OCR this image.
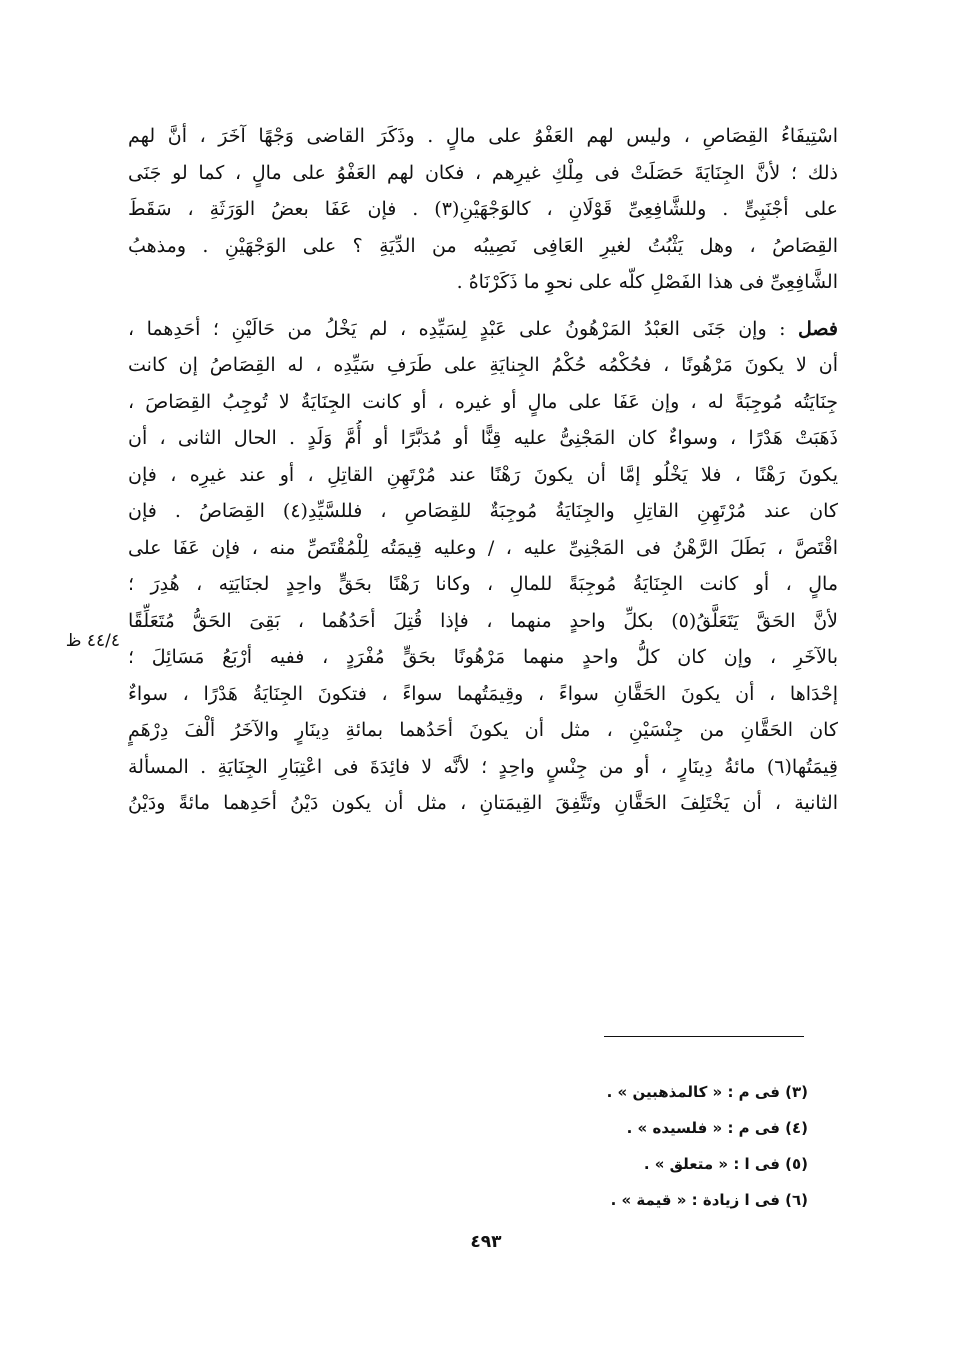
اسْتِيفَاءُ القِصَاصِ ، وليس لهم العَفْوُ على مالٍ . وذَكَرَ القاضى وَجْهًا آخَرَ ، أنَّ لهم
ذلك ؛ لأنَّ الجِنَايَةَ حَصَلَتْ فى مِلْكِ غيرِهم ، فكان لهم العَفْوُ على مالٍ ، كما لو جَنَى
على أجْنَبِىٍّ . وللشَّافِعِىِّ قَوْلَانِ ، كالوَجْهَيْنِ(٣) . فإن عَفَا بعضُ الوَرَثَةِ ، سَقَطَ
القِصَاصُ ، وهل يَثْبُتُ لغيرِ العَافِى نَصِيبُه من الدِّيَةِ ؟ على الوَجْهَيْنِ . ومذهبُ
الشَّافِعِىِّ فى هذا الفَصْلِ كلّه على نحوِ ما ذَكَرْنَاهُ .
فصل : وإن جَنَى العَبْدُ المَرْهُونُ على عَبْدٍ لِسَيِّدِه ، لم يَخْلُ من حَالَيْنِ ؛ أحَدِهما ،
أن لا يكونَ مَرْهُونًا ، فحُكْمُه حُكْمُ الجِنايَةِ على طَرَفِ سَيِّدِه ، له القِصَاصُ إن كانت
جِنَايَتُه مُوجِبَةً له ، وإن عَفَا على مالٍ أو غيره ، أو كانت الجِنَايَةُ لا تُوجِبُ القِصَاصَ ،
ذَهَبَتْ هَدْرًا ، وسواءٌ كان المَجْنِىُّ عليه قِنًّا أو مُدَبَّرًا أو أُمَّ وَلَدٍ . الحال الثانى ، أن
يكونَ رَهْنًا ، فلا يَخْلُو إمَّا أن يكونَ رَهْنًا عند مُرْتَهِنِ القاتِلِ ، أو عند غيرِه ، فإن
كان عند مُرْتَهِنِ القاتِلِ والجِنَايَةُ مُوجِبَةٌ للقِصَاصِ ، فللسَّيِّدِ(٤) القِصَاصُ . فإن
اقْتَصَّ ، بَطَلَ الرَّهْنُ فى المَجْنِىِّ عليه ، / وعليه قِيمَتُه لِلْمُقْتَصِّ منه ، فإن عَفَا على
مالٍ ، أو كانت الجِنَايَةُ مُوجِبَةً للمالِ ، وكانا رَهْنًا بحَقٍّ واحِدٍ لجنَايَتِه ، هُدِرَ ؛
لأنَّ الحَقَّ يَتَعَلَّقُ(٥) بكلِّ واحدٍ منهما ، فإذا قُتِلَ أحَدُهُما ، بَقِىَ الحَقُّ مُتَعَلِّقًا
بالآخَرِ ، وإن كان كلُّ واحدٍ منهما مَرْهُونًا بحَقٍّ مُفْرَدٍ ، ففيه أرْبَعُ مَسَائِلَ ؛
إحْدَاها ، أن يكونَ الحَقَّانِ سواءً ، وقِيمَتُهما سواءً ، فتكونَ الجِنَايَةُ هَدْرًا ، سواءٌ
كان الحَقَّانِ من جِنْسَيْنِ ، مثل أن يكونَ أحَدُهما بمائةِ دِينَارٍ والآخَرُ ألْفَ دِرْهَمٍ
قِيمَتُها(٦) مائةُ دِينَارٍ ، أو من جِنْسٍ واحِدٍ ؛ لأنَّه لا فائِدَةَ فى اعْتِبَارِ الجِنَايَةِ . المسألة
الثانية ، أن يَخْتَلِفَ الحَقَّانِ وتَتَّفِقَ القِيمَتانِ ، مثل أن يكون دَيْنُ أحَدِهما مائةً ودَيْنُ
٤٤/٤ ظ
(٣) فى م : « كالمذهبين » .
(٤) فى م : « فلسيده » .
(٥) فى ا : « متعلق » .
(٦) فى ا زيادة : « قيمة » .
٤٩٣
